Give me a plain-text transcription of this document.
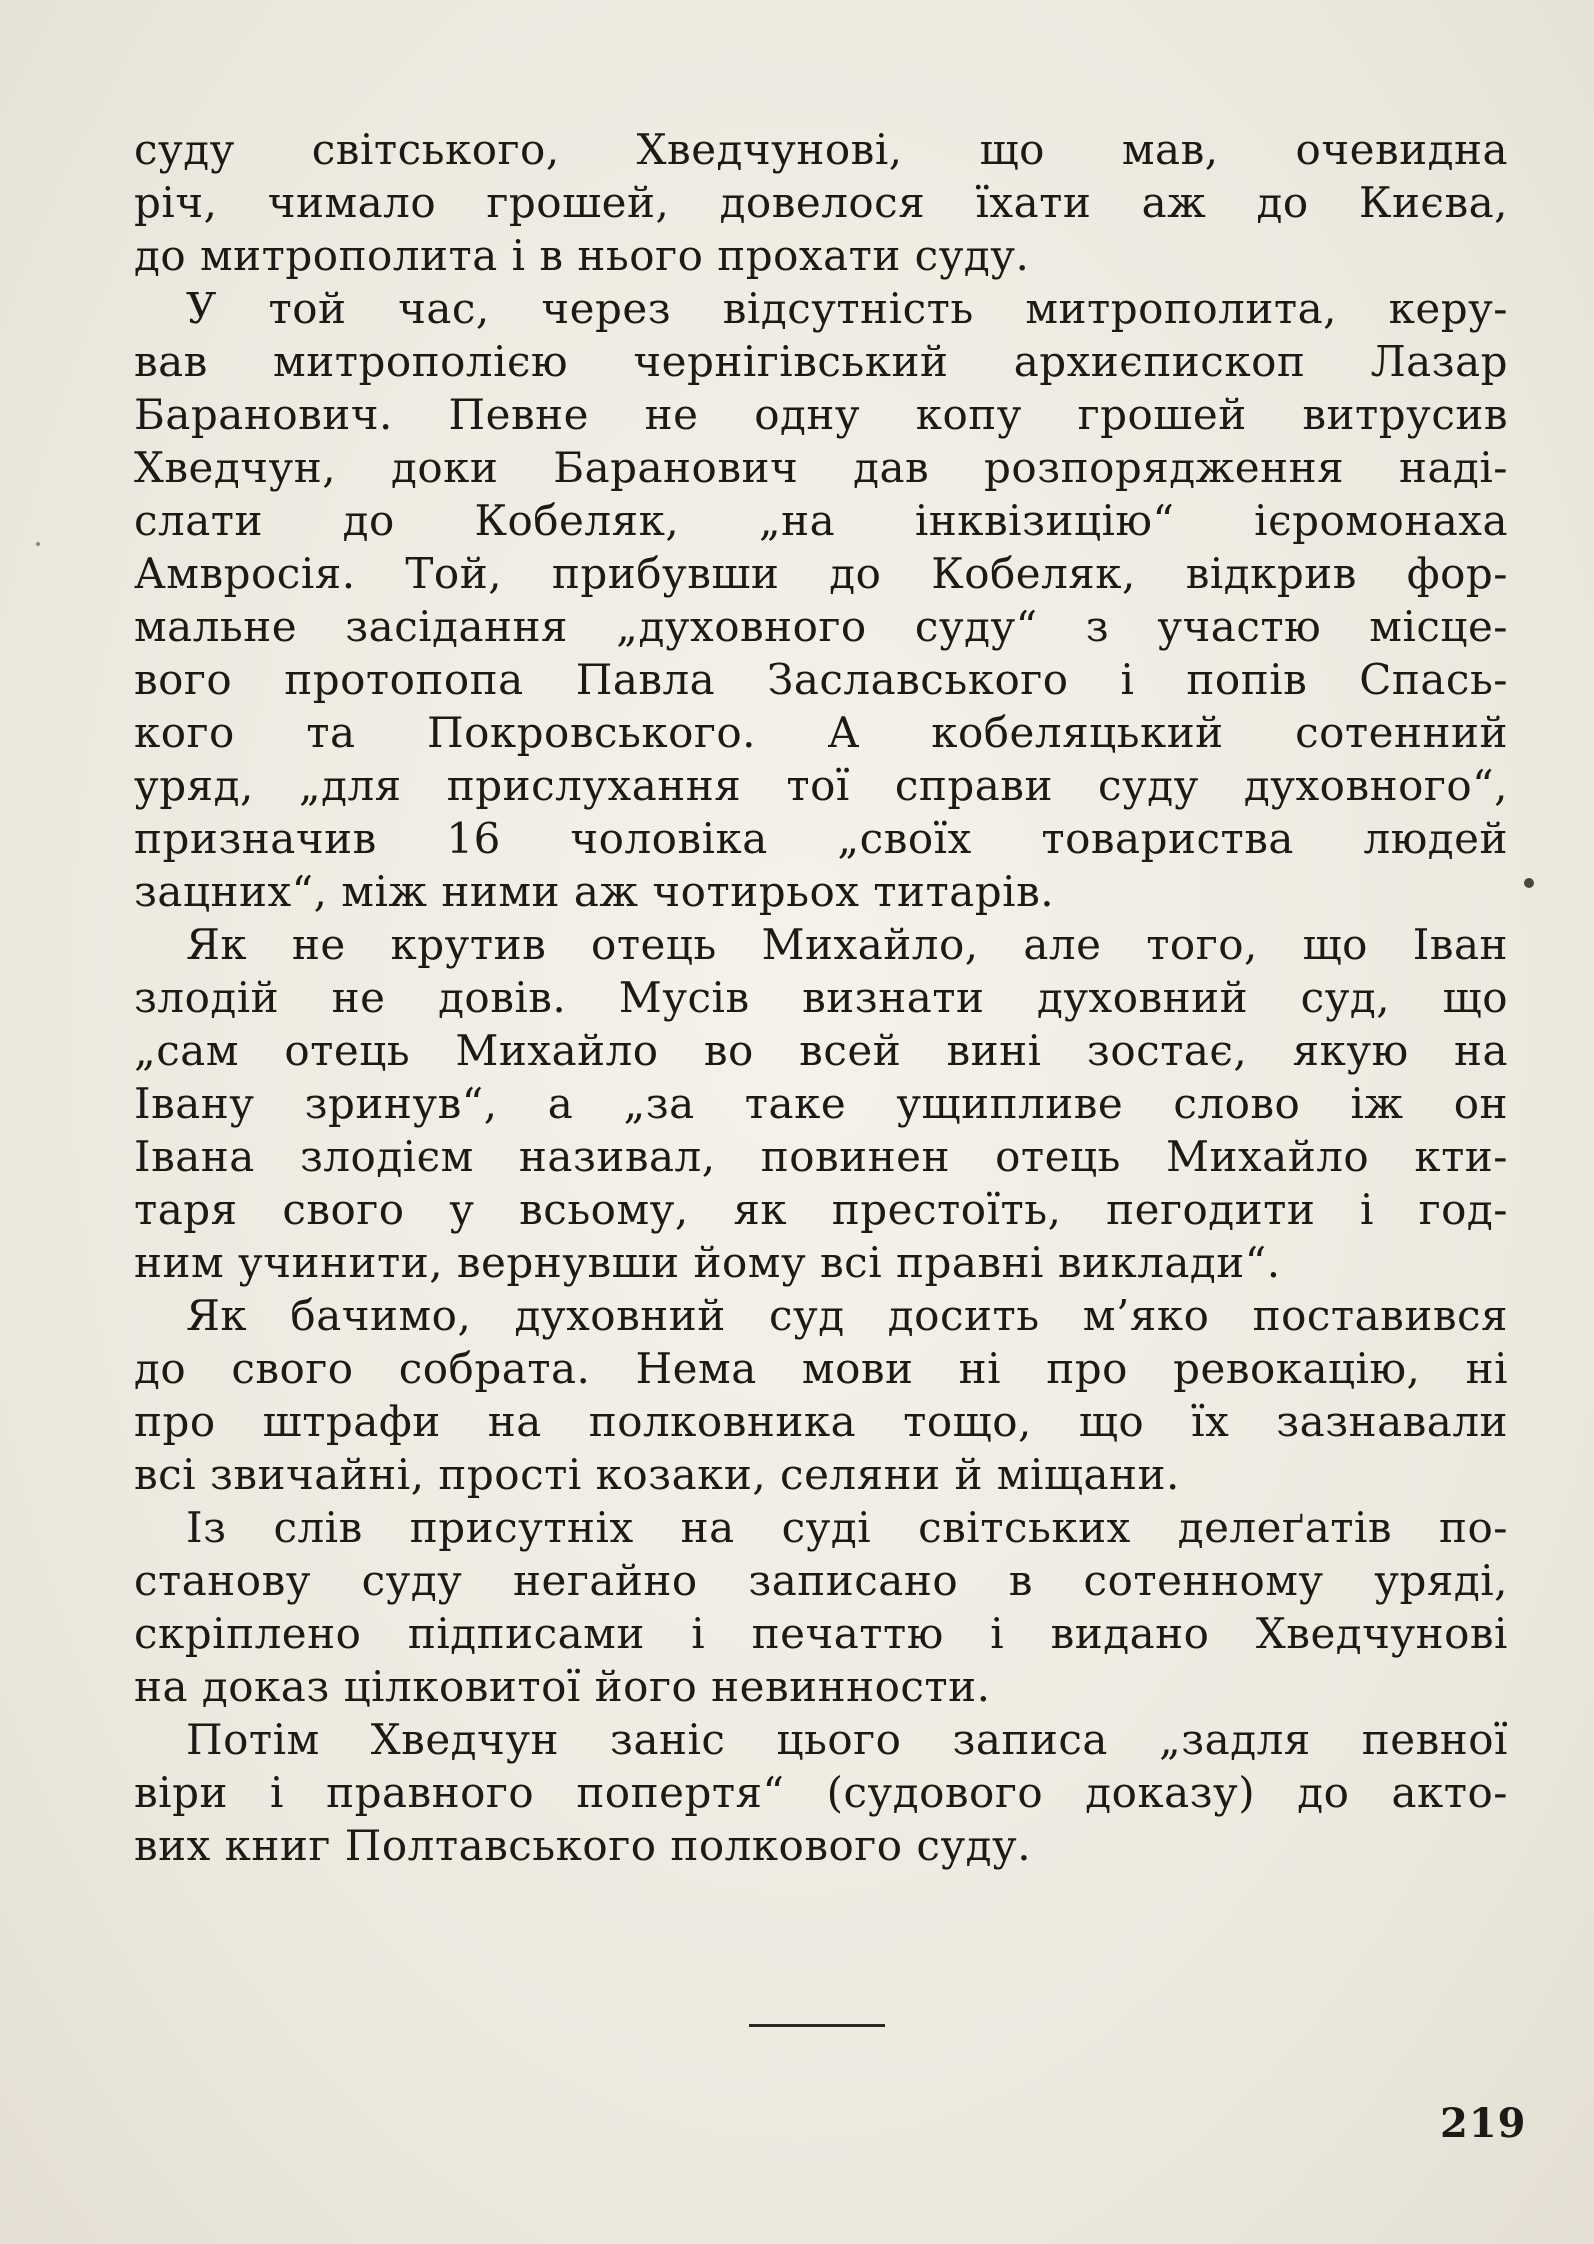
суду світського, Хведчунові, що мав, очевидна
річ, чимало грошей, довелося їхати аж до Києва,
до митрополита і в нього прохати суду.
У той час, через відсутність митрополита, керу-
вав митрополією чернігівський архиєпископ Лазар
Баранович. Певне не одну копу грошей витрусив
Хведчун, доки Баранович дав розпорядження наді-
слати до Кобеляк, „на інквізицію“ ієромонаха
Амвросія. Той, прибувши до Кобеляк, відкрив фор-
мальне засідання „духовного суду“ з участю місце-
вого протопопа Павла Заславського і попів Спась-
кого та Покровського. А кобеляцький сотенний
уряд, „для прислухання тої справи суду духовного“,
призначив 16 чоловіка „своїх товариства людей
зацних“, між ними аж чотирьох титарів.
Як не крутив отець Михайло, але того, що Іван
злодій не довів. Мусів визнати духовний суд, що
„сам отець Михайло во всей вині зостає, якую на
Івану зринув“, а „за таке ущипливе слово іж он
Івана злодієм називал, повинен отець Михайло кти-
таря свого у всьому, як престоїть, пегодити і год-
ним учинити, вернувши йому всі правні виклади“.
Як бачимо, духовний суд досить м’яко поставився
до свого собрата. Нема мови ні про ревокацію, ні
про штрафи на полковника тощо, що їх зазнавали
всі звичайні, прості козаки, селяни й міщани.
Із слів присутніх на суді світських делеґатів по-
станову суду негайно записано в сотенному уряді,
скріплено підписами і печаттю і видано Хведчунові
на доказ цілковитої його невинности.
Потім Хведчун заніс цього записа „задля певної
віри і правного попертя“ (судового доказу) до акто-
вих книг Полтавського полкового суду.
219
